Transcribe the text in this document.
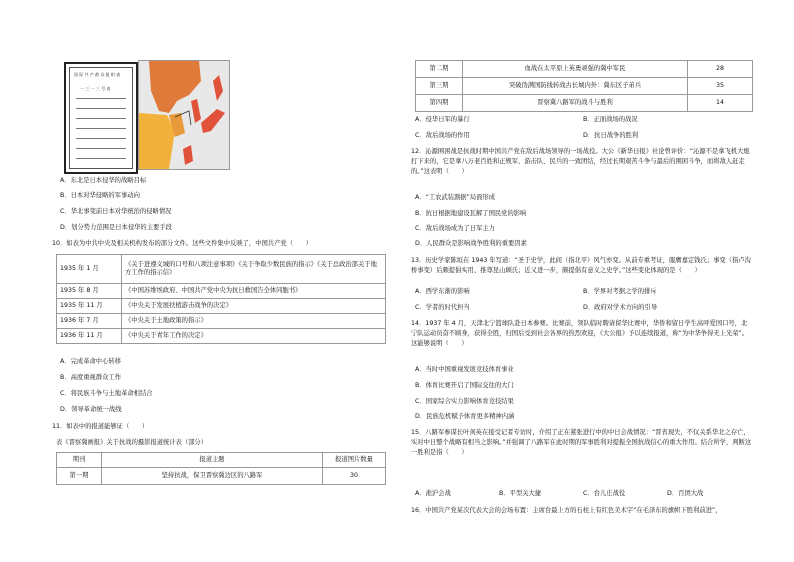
国 际 共 产 群 众 组 织 表
一 三 一 三 号 表

A．东北是日本侵华的战略目标

B．日本对华侵略的军事动向

C．华北事变前日本对华统治的侵略情况

D．划分势力范围是日本侵华的主要手段

10．如表为中共中央及相关机构发布的部分文件。这些文件集中反映了，中国共产党（　　）

1935 年 1 月	《关于进遵义城的口号和八项注意事项》《关于争取少数民族的指示》《关于总政治部关于地方工作的指示信》
1935 年 8 月	《中国苏维埃政府、中国共产党中央为抗日救国告全体同胞书》
1935 年 11 月	《中央关于发展扶植游击战争的决定》
1936 年 7 月	《中央关于土地政策的指示》
1936 年 11 月	《中央关于青年工作的决定》

A．完成革命中心转移

B．高度重视群众工作

C．将民族斗争与土地革命相结合

D．领导革命统一战线

11．如表中的报道能够证（　　）

表《晋察冀画报》关于抗战的摄影报道统计表（部分）

期刊	报道主题	报道图片数量
第一期	坚持抗战，保卫晋察冀边区的八路军	30
第二期	血战在太平原上英勇顽强的冀中军民	28
第三期	突破伪满国防线转战古长城内外：冀东区子弟兵	35
第四期	晋察冀八路军的战斗与胜利	14

A．侵华日军的暴行	B．正面战场的战况

C．敌后战场的作用	D．抗日战争的胜利

12．沁源围困战是抗战时期中国共产党在敌后战场领导的一场战役。大公《新华日报》社论曾评价：“沁源不是拿飞机大炮打下来的，它是拿八万老百姓和正规军、游击队、民兵的一致团结，经过长期艰苦斗争与最后的围困斗争，而将敌人赶走的。”这表明（　　）

A．“工农武装割据”局面形成

B．抗日根据地建设瓦解了国民党的影响

C．敌后战场成为了日军主力

D．人民群众是影响战争胜利的重要因素

13．历史学家陈垣在 1943 年写道：“圣于史学，此间（指北平）风气亦变。从前专重考证，服膺嘉定钱氏；事变（指卢沟桥事变）后颇提倡实用，推尊昆山顾氏；近又进一步，颇提倡有意义之史学。”这些变化体现的是（　　）

A．西学东渐的影响	B．学界对考据之学的排斥

C．学者的时代担当	D．政府对学术方向的引导

14．1937 年 4 月，天津北宁篮球队赴日本参赛。比赛前，领队临时聘请留华比赛中，华侨和留日学生高呼爱国口号，北宁队运动员奋不顾身，获得全胜，归国后受到社会各界的热烈欢迎，《大公报》予以连续报道，称“为中华争得无上光荣”。这能够说明（　　）

A．当时中国重视发展竞技体育事业

B．体育比赛开启了国际交往的大门

C．国家综合实力影响体育竞技结果

D．民族危机赋予体育更多精神内涵

15．八路军参谋长叶剑英在接受记者专访时，介绍了正在紧张进行中的中日会战情况：“晋省现失，不仅关系华北之存亡，实对中日整个战略有相当之影响。”并强调了八路军在此时期的军事胜利对提振全国抗战信心的重大作用。结合所学，判断这一胜利是指（　　）

A．淞沪会战	B．平型关大捷	C．台儿庄战役	D．百团大战

16．中国共产党某次代表大会的会场布置：主席台最上方的石柱上有红色美术字“在毛泽东的旗帜下胜利前进”，
